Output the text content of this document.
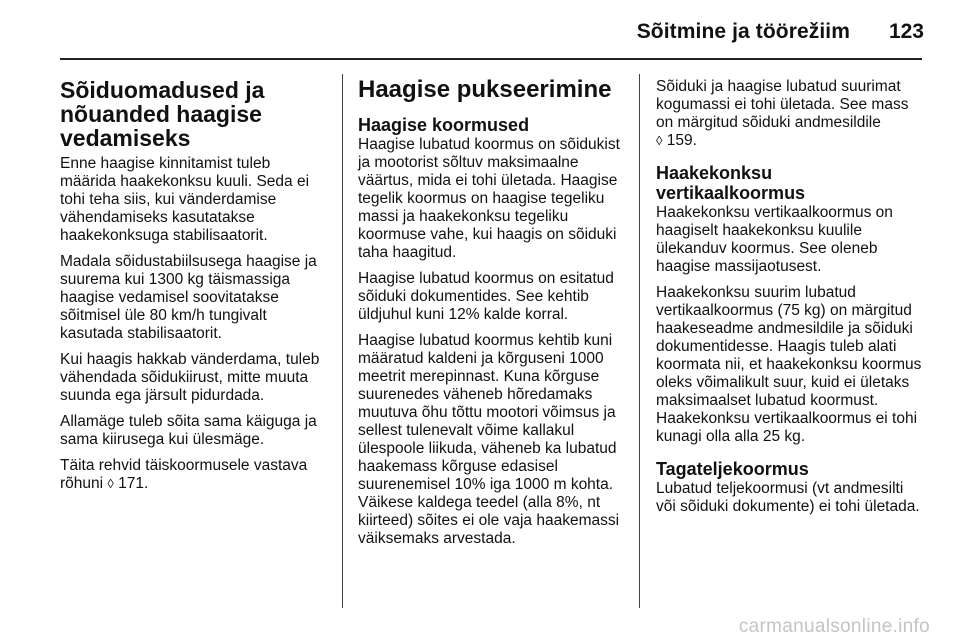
Sõitmine ja töörežiim	123
Sõiduomadused ja nõuanded haagise vedamiseks

Enne haagise kinnitamist tuleb määrida haakekonksu kuuli. Seda ei tohi teha siis, kui vänderdamise vähendamiseks kasutatakse haakekonksuga stabilisaatorit.

Madala sõidustabiilsusega haagise ja suurema kui 1300 kg täismassiga haagise vedamisel soovitatakse sõitmisel üle 80 km/h tungivalt kasutada stabilisaatorit.

Kui haagis hakkab vänderdama, tuleb vähendada sõidukiirust, mitte muuta suunda ega järsult pidurdada.

Allamäge tuleb sõita sama käiguga ja sama kiirusega kui ülesmäge.

Täita rehvid täiskoormusele vastava rõhuni ◊ 171.

Haagise pukseerimine
Haagise koormused

Haagise lubatud koormus on sõidukist ja mootorist sõltuv maksimaalne väärtus, mida ei tohi ületada. Haagise tegelik koormus on haagise tegeliku massi ja haakekonksu tegeliku koormuse vahe, kui haagis on sõiduki taha haagitud.

Haagise lubatud koormus on esitatud sõiduki dokumentides. See kehtib üldjuhul kuni 12% kalde korral.

Haagise lubatud koormus kehtib kuni määratud kaldeni ja kõrguseni 1000 meetrit merepinnast. Kuna kõrguse suurenedes väheneb hõredamaks muutuva õhu tõttu mootori võimsus ja sellest tulenevalt võime kallakul ülespoole liikuda, väheneb ka lubatud haakemass kõrguse edasisel suurenemisel 10% iga 1000 m kohta. Väikese kaldega teedel (alla 8%, nt kiirteed) sõites ei ole vaja haakemassi väiksemaks arvestada.

Sõiduki ja haagise lubatud suurimat kogumassi ei tohi ületada. See mass on märgitud sõiduki andmesildile
◊ 159.

Haakekonksu vertikaalkoormus

Haakekonksu vertikaalkoormus on haagiselt haakekonksu kuulile ülekanduv koormus. See oleneb haagise massijaotusest.

Haakekonksu suurim lubatud vertikaalkoormus (75 kg) on märgitud haakeseadme andmesildile ja sõiduki dokumentidesse. Haagis tuleb alati koormata nii, et haakekonksu koormus oleks võimalikult suur, kuid ei ületaks maksimaalset lubatud koormust. Haakekonksu vertikaalkoormus ei tohi kunagi olla alla 25 kg.

Tagateljekoormus

Lubatud teljekoormusi (vt andmesilti või sõiduki dokumente) ei tohi ületada.

carmanualsonline.info
